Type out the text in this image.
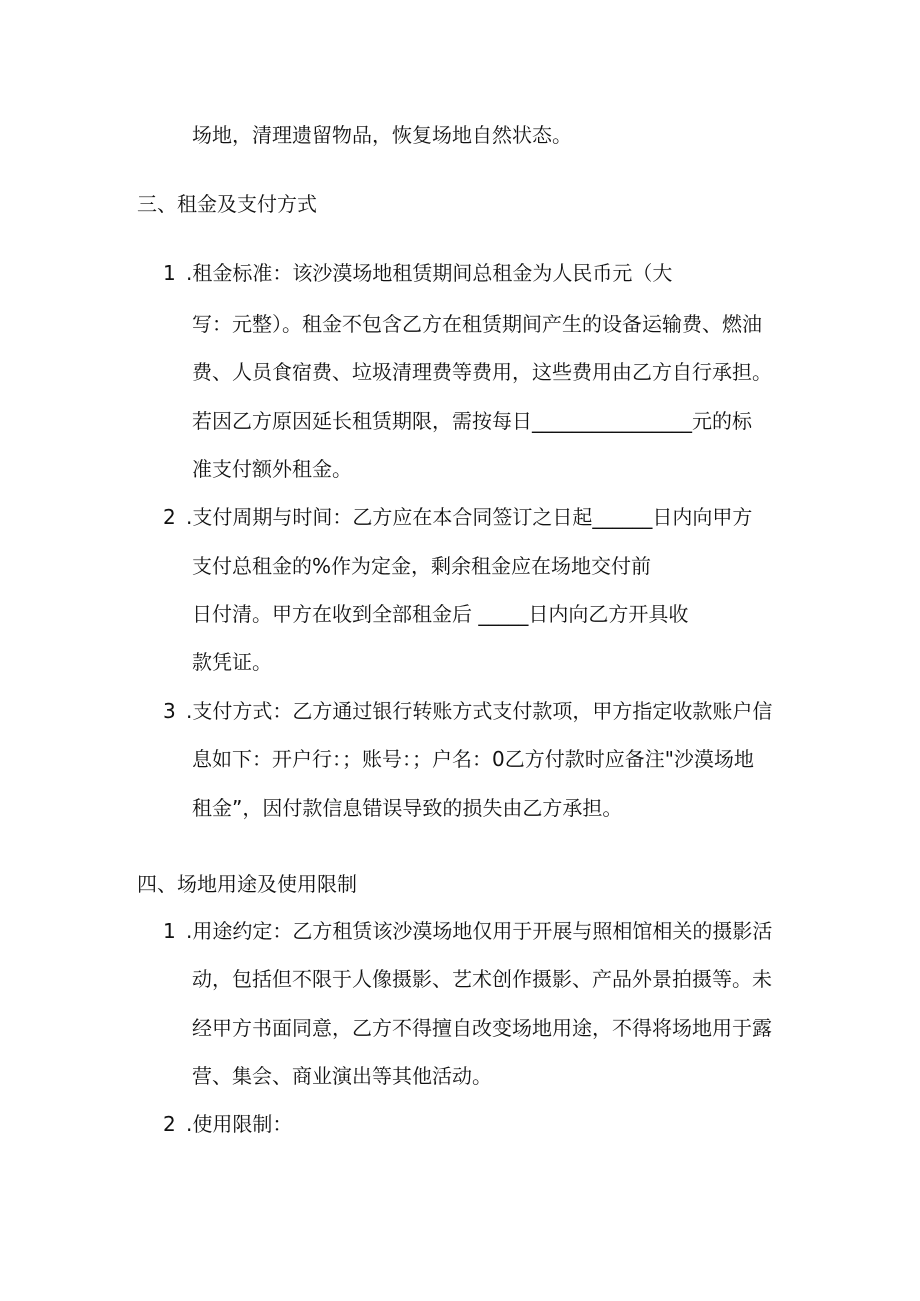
场地，清理遗留物品，恢复场地自然状态。
三、租金及支付方式
1 .租金标准：该沙漠场地租赁期间总租金为人民币元（大
写：元整）。租金不包含乙方在租赁期间产生的设备运输费、燃油
费、人员食宿费、垃圾清理费等费用，这些费用由乙方自行承担。
若因乙方原因延长租赁期限，需按每日________________元的标
准支付额外租金。
2 .支付周期与时间：乙方应在本合同签订之日起______日内向甲方
支付总租金的%作为定金，剩余租金应在场地交付前
日付清。甲方在收到全部租金后 _____日内向乙方开具收
款凭证。
3 .支付方式：乙方通过银行转账方式支付款项，甲方指定收款账户信
息如下：开户行：；账号：；户名：0乙方付款时应备注"沙漠场地
租金”，因付款信息错误导致的损失由乙方承担。
四、场地用途及使用限制
1 .用途约定：乙方租赁该沙漠场地仅用于开展与照相馆相关的摄影活
动，包括但不限于人像摄影、艺术创作摄影、产品外景拍摄等。未
经甲方书面同意，乙方不得擅自改变场地用途，不得将场地用于露
营、集会、商业演出等其他活动。
2 .使用限制：
